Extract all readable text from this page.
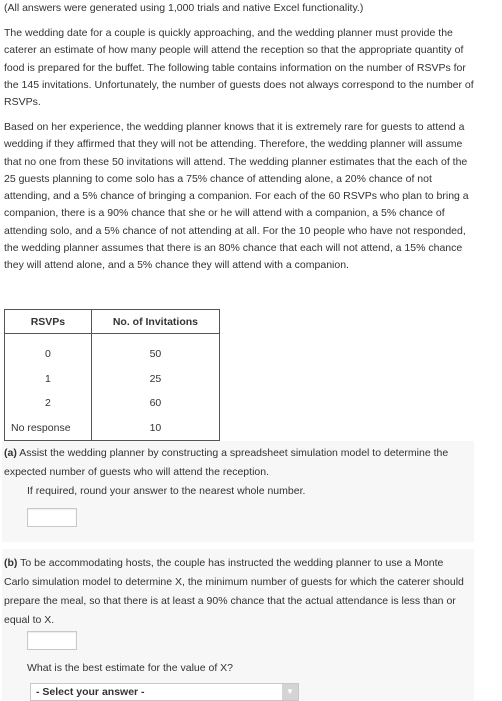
(All answers were generated using 1,000 trials and native Excel functionality.)

The wedding date for a couple is quickly approaching, and the wedding planner must provide the caterer an estimate of how many people will attend the reception so that the appropriate quantity of food is prepared for the buffet. The following table contains information on the number of RSVPs for the 145 invitations. Unfortunately, the number of guests does not always correspond to the number of RSVPs.

Based on her experience, the wedding planner knows that it is extremely rare for guests to attend a wedding if they affirmed that they will not be attending. Therefore, the wedding planner will assume that no one from these 50 invitations will attend. The wedding planner estimates that the each of the 25 guests planning to come solo has a 75% chance of attending alone, a 20% chance of not attending, and a 5% chance of bringing a companion. For each of the 60 RSVPs who plan to bring a companion, there is a 90% chance that she or he will attend with a companion, a 5% chance of attending solo, and a 5% chance of not attending at all. For the 10 people who have not responded, the wedding planner assumes that there is an 80% chance that each will not attend, a 15% chance they will attend alone, and a 5% chance they will attend with a companion.

RSVPs	No. of Invitations

0	50
1	25
2	60
No response	10

(a) Assist the wedding planner by constructing a spreadsheet simulation model to determine the expected number of guests who will attend the reception.

If required, round your answer to the nearest whole number.

(b) To be accommodating hosts, the couple has instructed the wedding planner to use a Monte Carlo simulation model to determine X, the minimum number of guests for which the caterer should prepare the meal, so that there is at least a 90% chance that the actual attendance is less than or equal to X.

What is the best estimate for the value of X?

- Select your answer -	▼
